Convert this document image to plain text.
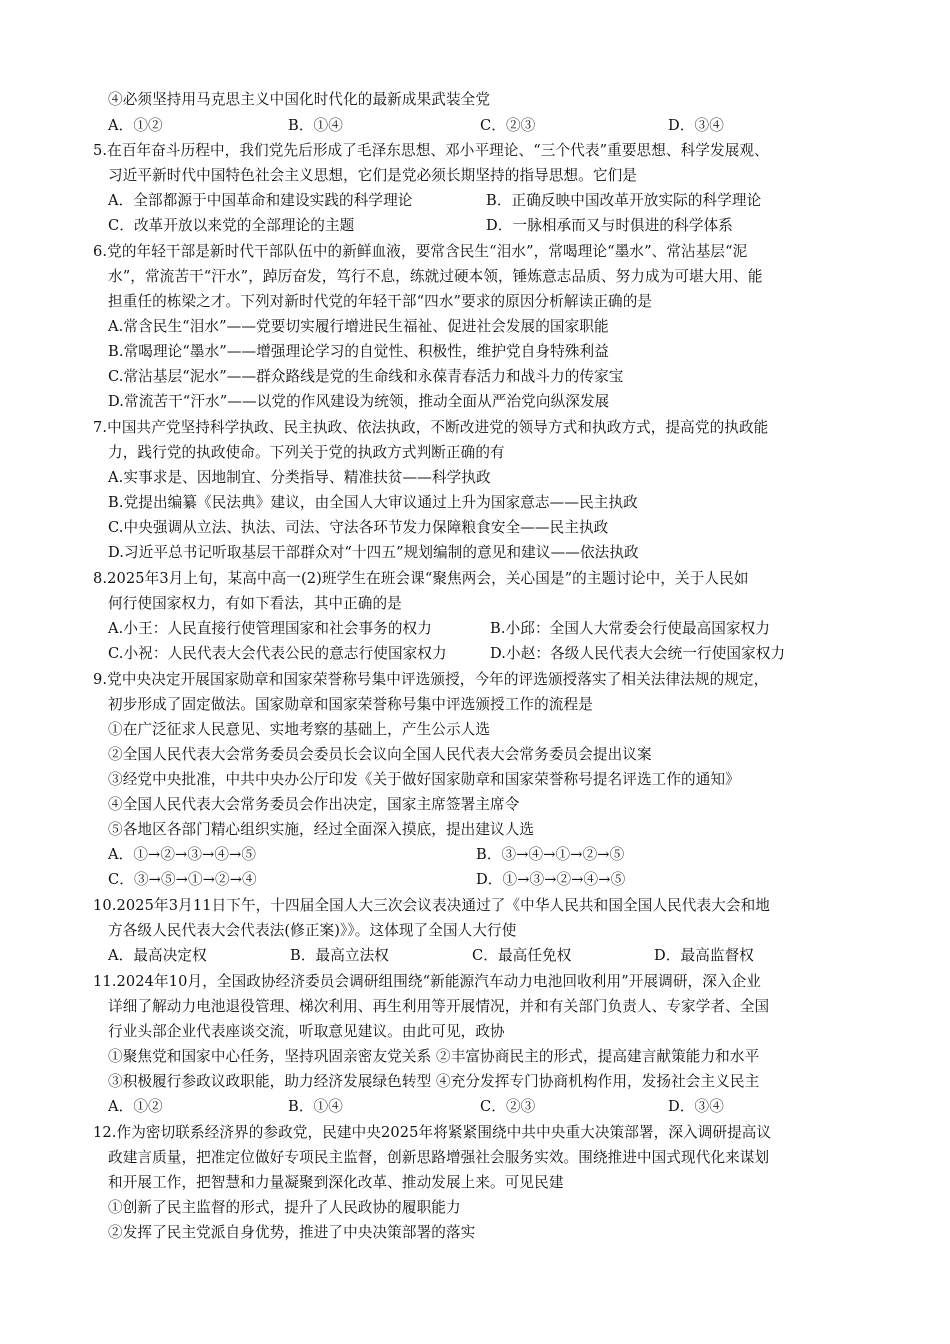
④必须坚持用马克思主义中国化时代化的最新成果武装全党
A．①②	B．①④	C．②③	D．③④
5.在百年奋斗历程中，我们党先后形成了毛泽东思想、邓小平理论、“三个代表”重要思想、科学发展观、
习近平新时代中国特色社会主义思想，它们是党必须长期坚持的指导思想。它们是
A．全部都源于中国革命和建设实践的科学理论	B．正确反映中国改革开放实际的科学理论
C．改革开放以来党的全部理论的主题	D．一脉相承而又与时俱进的科学体系
6.党的年轻干部是新时代干部队伍中的新鲜血液，要常含民生“泪水”，常喝理论“墨水”、常沾基层“泥
水”，常流苦干“汗水”，踔厉奋发，笃行不息，练就过硬本领，锤炼意志品质、努力成为可堪大用、能
担重任的栋梁之才。下列对新时代党的年轻干部“四水”要求的原因分析解读正确的是
A.常含民生“泪水”——党要切实履行增进民生福祉、促进社会发展的国家职能
B.常喝理论“墨水”——增强理论学习的自觉性、积极性，维护党自身特殊利益
C.常沾基层“泥水”——群众路线是党的生命线和永葆青春活力和战斗力的传家宝
D.常流苦干“汗水”——以党的作风建设为统领，推动全面从严治党向纵深发展
7.中国共产党坚持科学执政、民主执政、依法执政，不断改进党的领导方式和执政方式，提高党的执政能
力，践行党的执政使命。下列关于党的执政方式判断正确的有
A.实事求是、因地制宜、分类指导、精准扶贫——科学执政
B.党提出编纂《民法典》建议，由全国人大审议通过上升为国家意志——民主执政
C.中央强调从立法、执法、司法、守法各环节发力保障粮食安全——民主执政
D.习近平总书记听取基层干部群众对“十四五”规划编制的意见和建议——依法执政
8.2025年3月上旬，某高中高一(2)班学生在班会课“聚焦两会，关心国是”的主题讨论中，关于人民如
何行使国家权力，有如下看法，其中正确的是
A.小王：人民直接行使管理国家和社会事务的权力	B.小邱：全国人大常委会行使最高国家权力
C.小祝：人民代表大会代表公民的意志行使国家权力	D.小赵：各级人民代表大会统一行使国家权力
9.党中央决定开展国家勋章和国家荣誉称号集中评选颁授，今年的评选颁授落实了相关法律法规的规定，
初步形成了固定做法。国家勋章和国家荣誉称号集中评选颁授工作的流程是
①在广泛征求人民意见、实地考察的基础上，产生公示人选
②全国人民代表大会常务委员会委员长会议向全国人民代表大会常务委员会提出议案
③经党中央批准，中共中央办公厅印发《关于做好国家勋章和国家荣誉称号提名评选工作的通知》
④全国人民代表大会常务委员会作出决定，国家主席签署主席令
⑤各地区各部门精心组织实施，经过全面深入摸底，提出建议人选
A．①→②→③→④→⑤	B．③→④→①→②→⑤
C．③→⑤→①→②→④	D．①→③→②→④→⑤
10.2025年3月11日下午，十四届全国人大三次会议表决通过了《中华人民共和国全国人民代表大会和地
方各级人民代表大会代表法(修正案)》》。这体现了全国人大行使
A．最高决定权	B．最高立法权	C．最高任免权	D．最高监督权
11.2024年10月，全国政协经济委员会调研组围绕“新能源汽车动力电池回收利用”开展调研，深入企业
详细了解动力电池退役管理、梯次利用、再生利用等开展情况，并和有关部门负责人、专家学者、全国
行业头部企业代表座谈交流，听取意见建议。由此可见，政协
①聚焦党和国家中心任务，坚持巩固亲密友党关系 ②丰富协商民主的形式，提高建言献策能力和水平
③积极履行参政议政职能，助力经济发展绿色转型 ④充分发挥专门协商机构作用，发扬社会主义民主
A．①②	B．①④	C．②③	D．③④
12.作为密切联系经济界的参政党，民建中央2025年将紧紧围绕中共中央重大决策部署，深入调研提高议
政建言质量，把准定位做好专项民主监督，创新思路增强社会服务实效。围绕推进中国式现代化来谋划
和开展工作，把智慧和力量凝聚到深化改革、推动发展上来。可见民建
①创新了民主监督的形式，提升了人民政协的履职能力
②发挥了民主党派自身优势，推进了中央决策部署的落实
